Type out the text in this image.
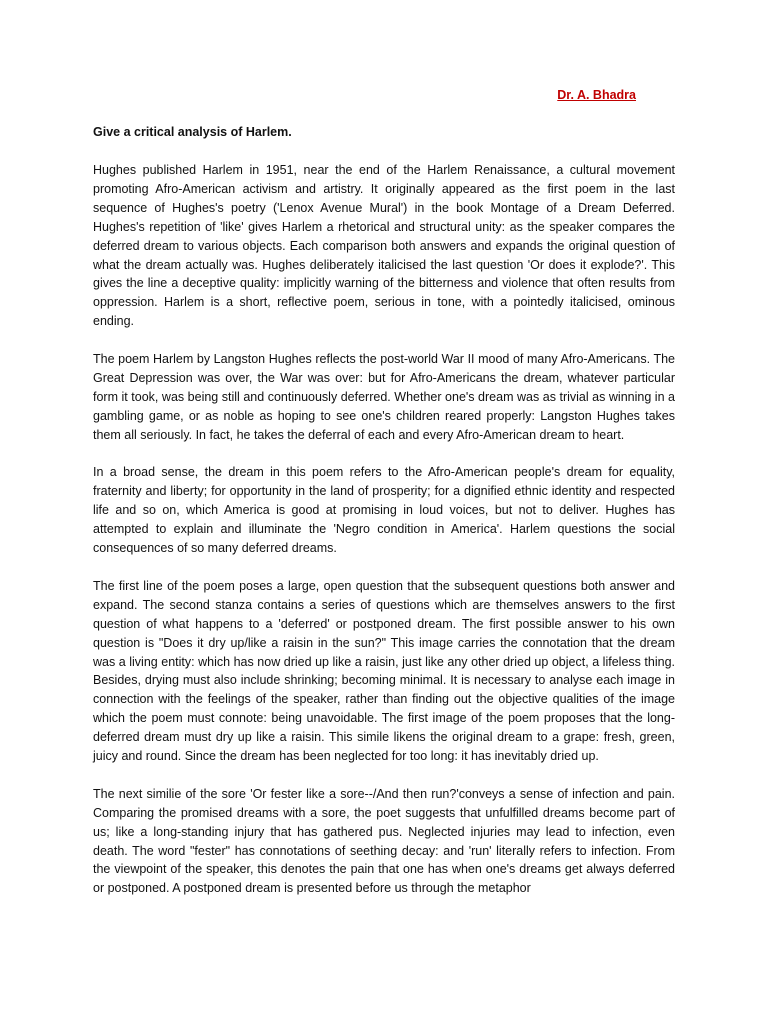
Dr. A. Bhadra
Give a critical analysis of Harlem.

Hughes published Harlem in 1951, near the end of the Harlem Renaissance, a cultural movement promoting Afro-American activism and artistry. It originally appeared as the first poem in the last sequence of Hughes's poetry ('Lenox Avenue Mural') in the book Montage of a Dream Deferred. Hughes's repetition of 'like' gives Harlem a rhetorical and structural unity: as the speaker compares the deferred dream to various objects. Each comparison both answers and expands the original question of what the dream actually was. Hughes deliberately italicised the last question 'Or does it explode?'. This gives the line a deceptive quality: implicitly warning of the bitterness and violence that often results from oppression. Harlem is a short, reflective poem, serious in tone, with a pointedly italicised, ominous ending.

The poem Harlem by Langston Hughes reflects the post-world War II mood of many Afro-Americans. The Great Depression was over, the War was over: but for Afro-Americans the dream, whatever particular form it took, was being still and continuously deferred. Whether one's dream was as trivial as winning in a gambling game, or as noble as hoping to see one's children reared properly: Langston Hughes takes them all seriously. In fact, he takes the deferral of each and every Afro-American dream to heart.

In a broad sense, the dream in this poem refers to the Afro-American people's dream for equality, fraternity and liberty; for opportunity in the land of prosperity; for a dignified ethnic identity and respected life and so on, which America is good at promising in loud voices, but not to deliver. Hughes has attempted to explain and illuminate the 'Negro condition in America'. Harlem questions the social consequences of so many deferred dreams.

The first line of the poem poses a large, open question that the subsequent questions both answer and expand. The second stanza contains a series of questions which are themselves answers to the first question of what happens to a 'deferred' or postponed dream. The first possible answer to his own question is "Does it dry up/like a raisin in the sun?" This image carries the connotation that the dream was a living entity: which has now dried up like a raisin, just like any other dried up object, a lifeless thing. Besides, drying must also include shrinking; becoming minimal. It is necessary to analyse each image in connection with the feelings of the speaker, rather than finding out the objective qualities of the image which the poem must connote: being unavoidable. The first image of the poem proposes that the long-deferred dream must dry up like a raisin. This simile likens the original dream to a grape: fresh, green, juicy and round. Since the dream has been neglected for too long: it has inevitably dried up.

The next similie of the sore 'Or fester like a sore--/And then run?'conveys a sense of infection and pain. Comparing the promised dreams with a sore, the poet suggests that unfulfilled dreams become part of us; like a long-standing injury that has gathered pus. Neglected injuries may lead to infection, even death. The word "fester" has connotations of seething decay: and 'run' literally refers to infection. From the viewpoint of the speaker, this denotes the pain that one has when one's dreams get always deferred or postponed. A postponed dream is presented before us through the metaphor
